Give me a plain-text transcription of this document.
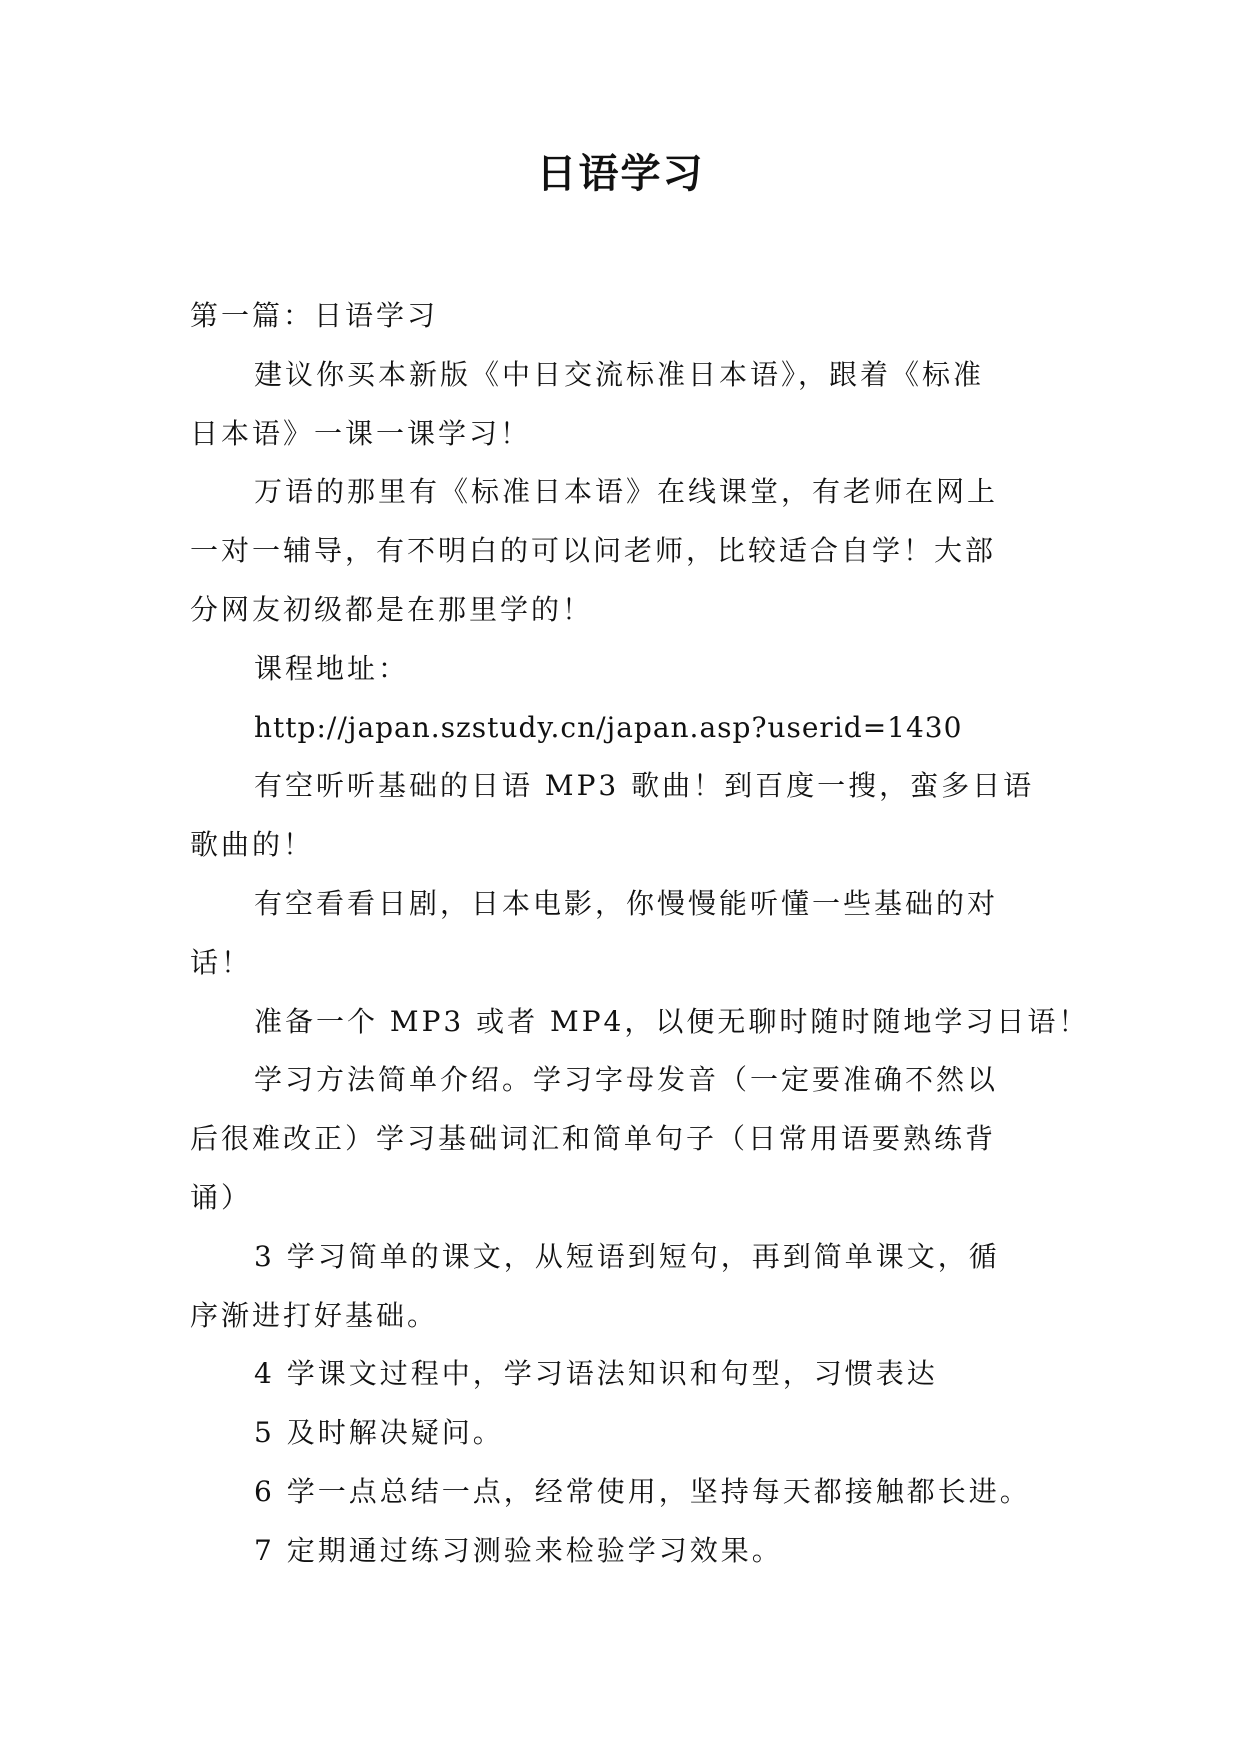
日语学习
第一篇：日语学习
建议你买本新版《中日交流标准日本语》，跟着《标准
日本语》一课一课学习！
万语的那里有《标准日本语》在线课堂，有老师在网上
一对一辅导，有不明白的可以问老师，比较适合自学！大部
分网友初级都是在那里学的！
课程地址：
http://japan.szstudy.cn/japan.asp?userid=1430
有空听听基础的日语 MP3 歌曲！到百度一搜，蛮多日语
歌曲的！
有空看看日剧，日本电影，你慢慢能听懂一些基础的对
话！
准备一个 MP3 或者 MP4，以便无聊时随时随地学习日语！
学习方法简单介绍。学习字母发音（一定要准确不然以
后很难改正）学习基础词汇和简单句子（日常用语要熟练背
诵）
3 学习简单的课文，从短语到短句，再到简单课文，循
序渐进打好基础。
4 学课文过程中，学习语法知识和句型，习惯表达
5 及时解决疑问。
6 学一点总结一点，经常使用，坚持每天都接触都长进。
7 定期通过练习测验来检验学习效果。
